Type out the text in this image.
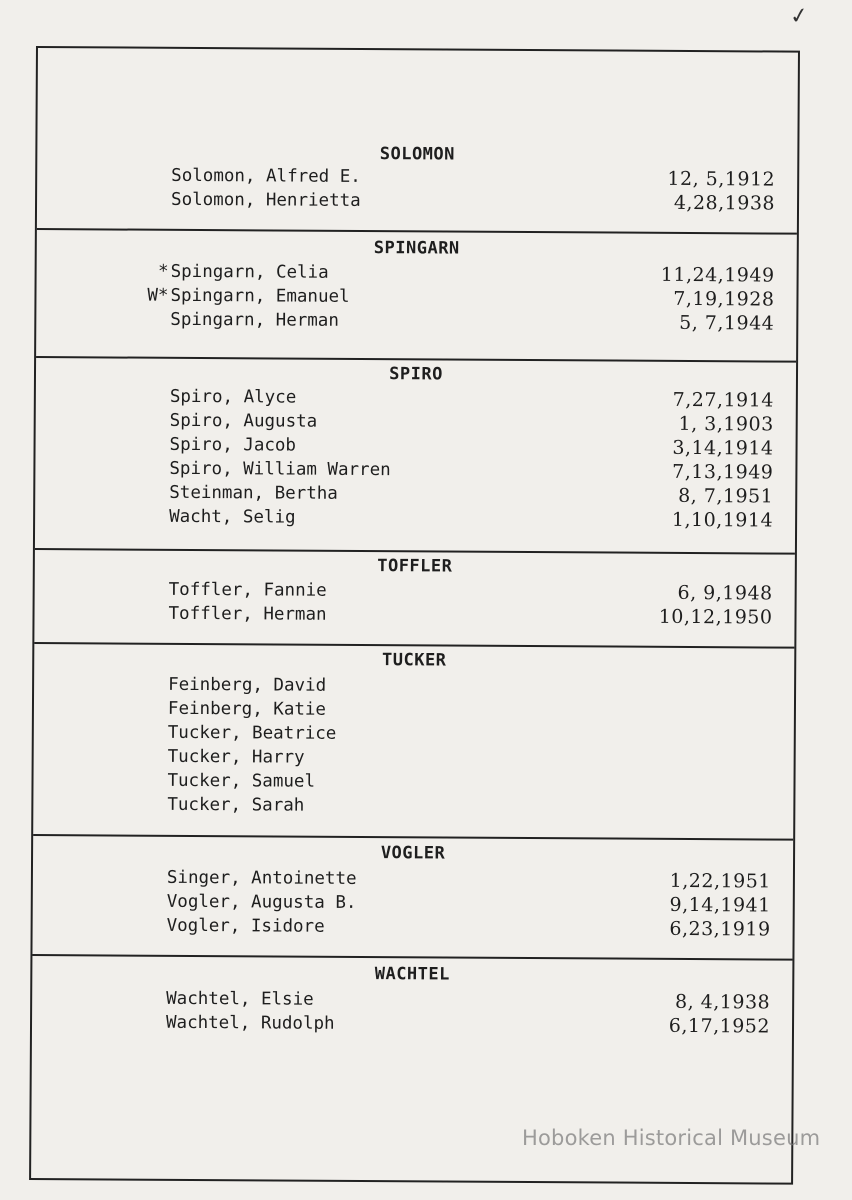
✓
SOLOMON
Solomon, Alfred E.	12, 5,1912
Solomon, Henrietta	4,28,1938
SPINGARN
* Spingarn, Celia	11,24,1949
W* Spingarn, Emanuel	7,19,1928
Spingarn, Herman	5, 7,1944
SPIRO
Spiro, Alyce	7,27,1914
Spiro, Augusta	1, 3,1903
Spiro, Jacob	3,14,1914
Spiro, William Warren	7,13,1949
Steinman, Bertha	8, 7,1951
Wacht, Selig	1,10,1914
TOFFLER
Toffler, Fannie	6, 9,1948
Toffler, Herman	10,12,1950
TUCKER
Feinberg, David
Feinberg, Katie
Tucker, Beatrice
Tucker, Harry
Tucker, Samuel
Tucker, Sarah
VOGLER
Singer, Antoinette	1,22,1951
Vogler, Augusta B.	9,14,1941
Vogler, Isidore	6,23,1919
WACHTEL
Wachtel, Elsie	8, 4,1938
Wachtel, Rudolph	6,17,1952
Hoboken Historical Museum
